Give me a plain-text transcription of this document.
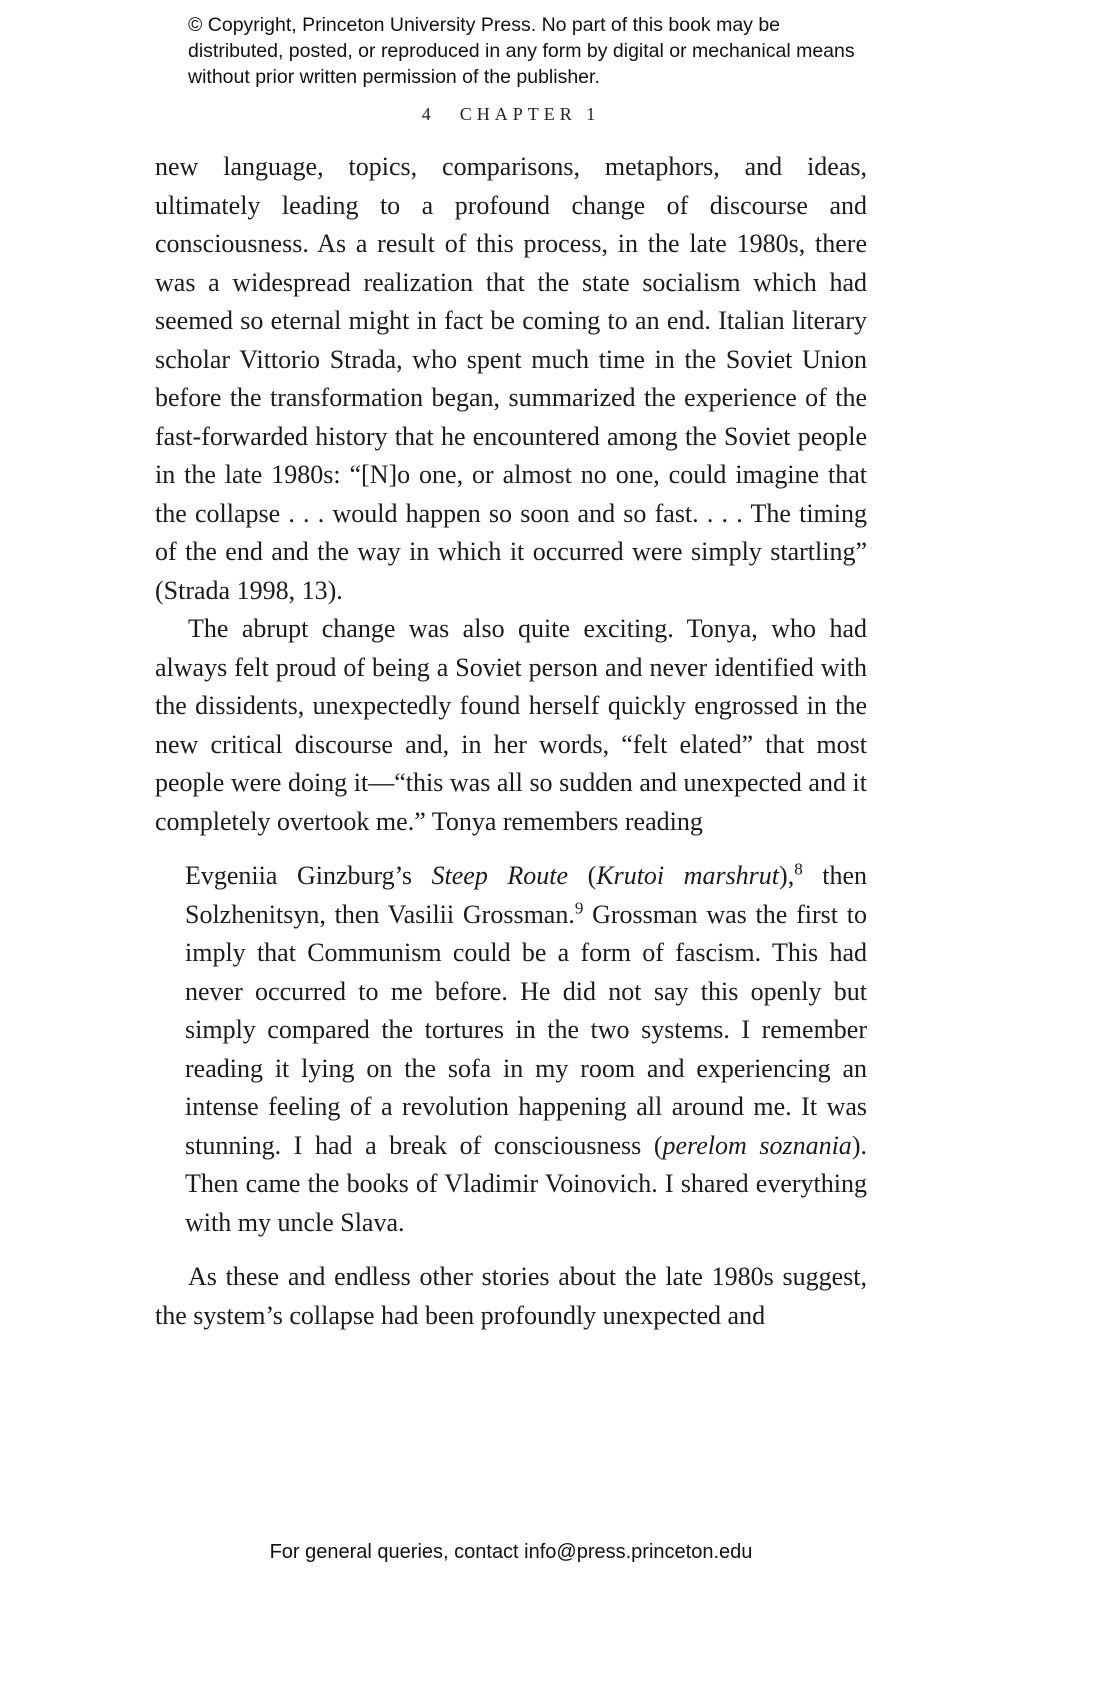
© Copyright, Princeton University Press. No part of this book may be distributed, posted, or reproduced in any form by digital or mechanical means without prior written permission of the publisher.
4 CHAPTER 1

new language, topics, comparisons, metaphors, and ideas, ultimately leading to a profound change of discourse and consciousness. As a result of this process, in the late 1980s, there was a widespread realization that the state socialism which had seemed so eternal might in fact be coming to an end. Italian literary scholar Vittorio Strada, who spent much time in the Soviet Union before the transformation began, summarized the experience of the fast-forwarded history that he encountered among the Soviet people in the late 1980s: “[N]o one, or almost no one, could imagine that the collapse . . . would happen so soon and so fast. . . . The timing of the end and the way in which it occurred were simply startling” (Strada 1998, 13).

The abrupt change was also quite exciting. Tonya, who had always felt proud of being a Soviet person and never identified with the dissidents, unexpectedly found herself quickly engrossed in the new critical discourse and, in her words, “felt elated” that most people were doing it—“this was all so sudden and unexpected and it completely overtook me.” Tonya remembers reading

Evgeniia Ginzburg’s Steep Route (Krutoi marshrut),$^8$ then Solzhenitsyn, then Vasilii Grossman.$^9$ Grossman was the first to imply that Communism could be a form of fascism. This had never occurred to me before. He did not say this openly but simply compared the tortures in the two systems. I remember reading it lying on the sofa in my room and experiencing an intense feeling of a revolution happening all around me. It was stunning. I had a break of consciousness (perelom soznania). Then came the books of Vladimir Voinovich. I shared everything with my uncle Slava.

As these and endless other stories about the late 1980s suggest, the system’s collapse had been profoundly unexpected and

For general queries, contact info@press.princeton.edu
